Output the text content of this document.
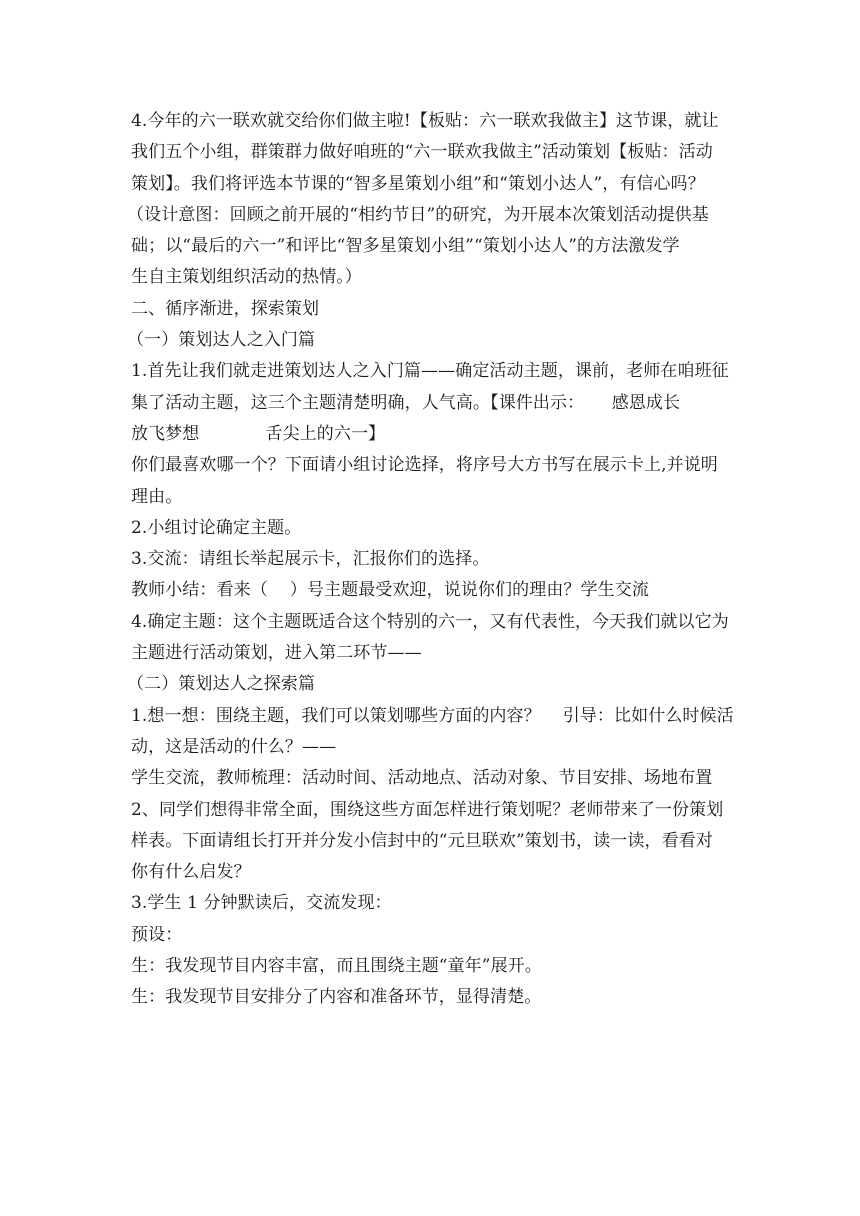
4.今年的六一联欢就交给你们做主啦!【板贴：六一联欢我做主】这节课，就让
我们五个小组，群策群力做好咱班的“六一联欢我做主”活动策划【板贴：活动
策划】。我们将评选本节课的“智多星策划小组”和“策划小达人”，有信心吗？
（设计意图：回顾之前开展的“相约节日”的研究，为开展本次策划活动提供基
础；以“最后的六一”和评比“智多星策划小组”“策划小达人”的方法激发学
生自主策划组织活动的热情。）
二、循序渐进，探索策划
（一）策划达人之入门篇
1.首先让我们就走进策划达人之入门篇——确定活动主题，课前，老师在咱班征
集了活动主题，这三个主题清楚明确，人气高。【课件出示：     感恩成长
放飞梦想            舌尖上的六一】
你们最喜欢哪一个？下面请小组讨论选择，将序号大方书写在展示卡上,并说明
理由。
2.小组讨论确定主题。
3.交流：请组长举起展示卡，汇报你们的选择。
教师小结：看来（    ）号主题最受欢迎，说说你们的理由？学生交流
4.确定主题：这个主题既适合这个特别的六一，又有代表性，今天我们就以它为
主题进行活动策划，进入第二环节——
（二）策划达人之探索篇
1.想一想：围绕主题，我们可以策划哪些方面的内容？    引导：比如什么时候活
动，这是活动的什么？——
学生交流，教师梳理：活动时间、活动地点、活动对象、节目安排、场地布置
2、同学们想得非常全面，围绕这些方面怎样进行策划呢？老师带来了一份策划
样表。下面请组长打开并分发小信封中的“元旦联欢”策划书，读一读，看看对
你有什么启发？
3.学生 1 分钟默读后，交流发现：
预设：
生：我发现节目内容丰富，而且围绕主题“童年”展开。
生：我发现节目安排分了内容和准备环节，显得清楚。
